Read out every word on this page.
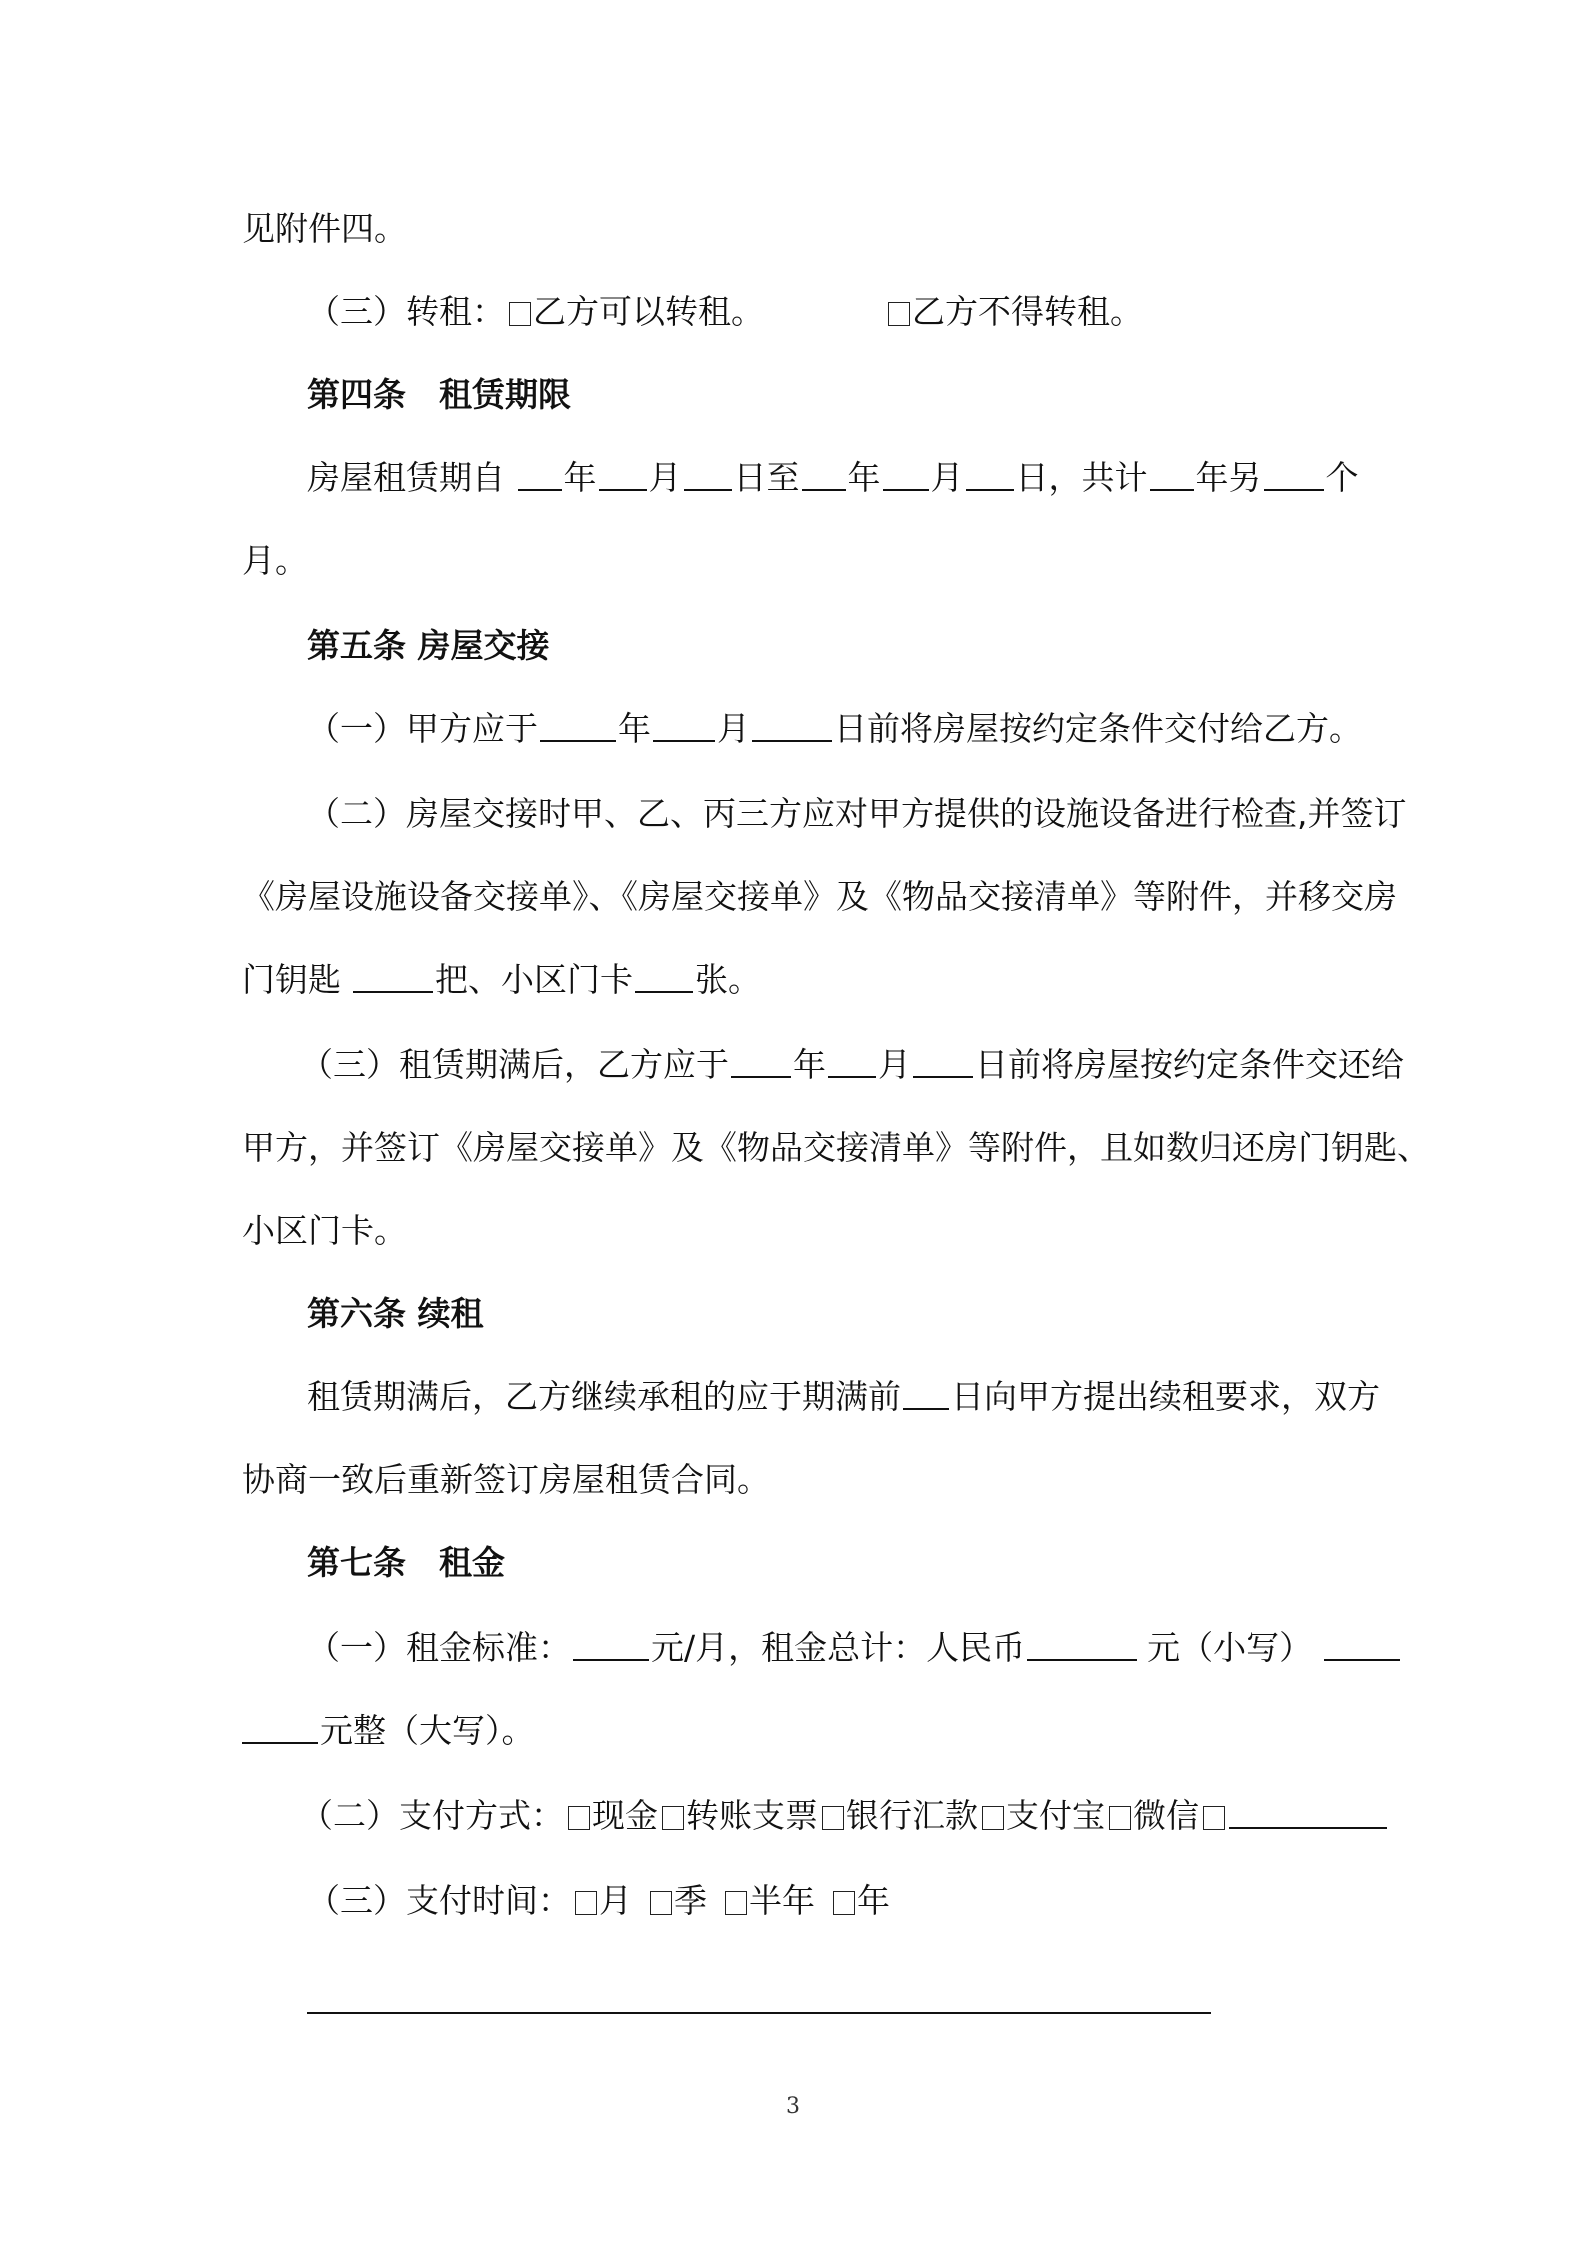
见附件四。
（三）转租： 乙方可以转租。	乙方不得转租。
第四条　租赁期限
房屋租赁期自 年 月 日至 年 月 日，共计 年另 个
月。
第五条 房屋交接
（一）甲方应于 年 月	日前将房屋按约定条件交付给乙方。
（二）房屋交接时甲、乙、丙三方应对甲方提供的设施设备进行检查,并签订
《房屋设施设备交接单》、《房屋交接单》及《物品交接清单》等附件，并移交房
门钥匙	把、小区门卡 张。
（三）租赁期满后，乙方应于 年 月 日前将房屋按约定条件交还给
甲方，并签订《房屋交接单》及《物品交接清单》等附件，且如数归还房门钥匙、
小区门卡。
第六条 续租
租赁期满后，乙方继续承租的应于期满前 日向甲方提出续租要求，双方
协商一致后重新签订房屋租赁合同。
第七条　租金
（一）租金标准： 元/月，租金总计：人民币	元（小写）
元整（大写）。
（二）支付方式： 现金 转账支票 银行汇款 支付宝 微信
（三）支付时间： 月 季 半年 年
3
